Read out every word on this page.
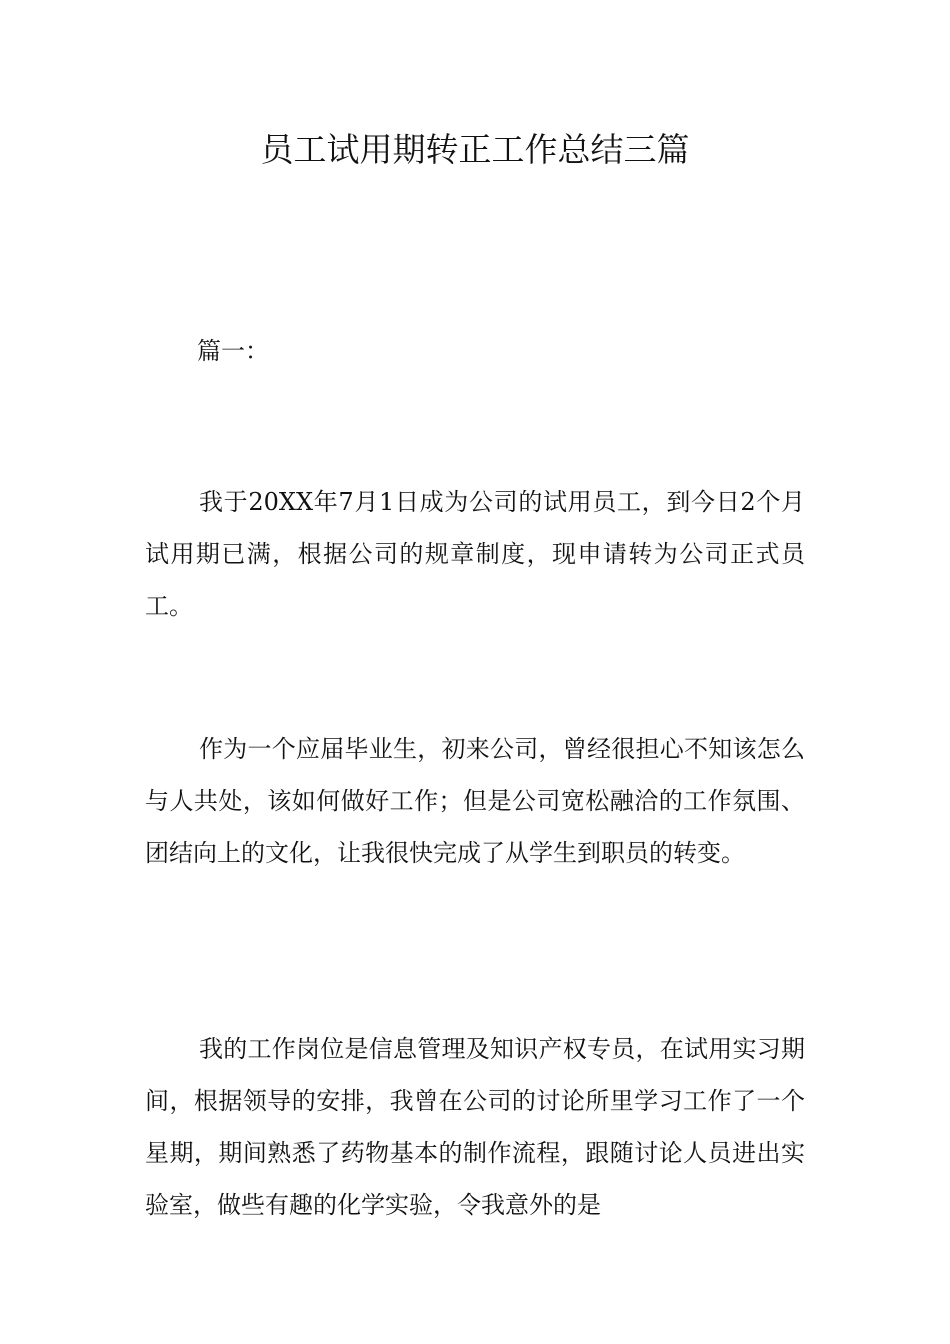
员工试用期转正工作总结三篇
篇一：

我于20XX年7月1日成为公司的试用员工，到今日2个月试用期已满，根据公司的规章制度，现申请转为公司正式员工。

作为一个应届毕业生，初来公司，曾经很担心不知该怎么与人共处，该如何做好工作；但是公司宽松融洽的工作氛围、团结向上的文化，让我很快完成了从学生到职员的转变。

我的工作岗位是信息管理及知识产权专员，在试用实习期间，根据领导的安排，我曾在公司的讨论所里学习工作了一个星期，期间熟悉了药物基本的制作流程，跟随讨论人员进出实验室，做些有趣的化学实验，令我意外的是
